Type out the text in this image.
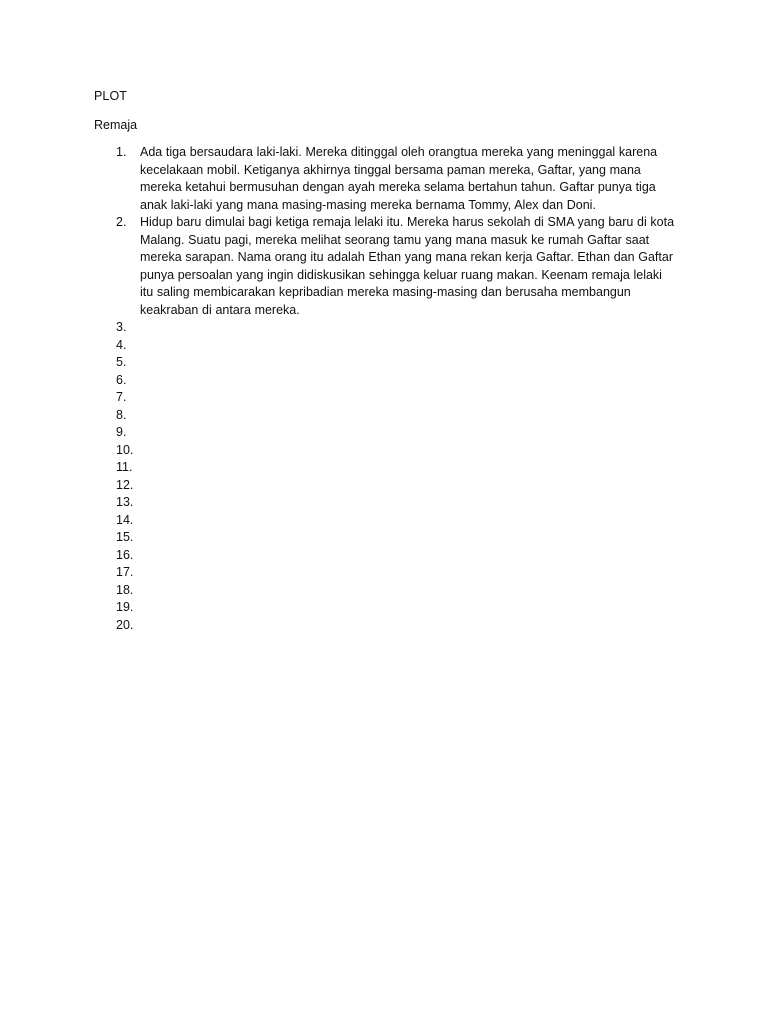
PLOT
Remaja
1.	Ada tiga bersaudara laki-laki. Mereka ditinggal oleh orangtua mereka yang meninggal karena kecelakaan mobil. Ketiganya akhirnya tinggal bersama paman mereka, Gaftar, yang mana mereka ketahui bermusuhan dengan ayah mereka selama bertahun tahun. Gaftar punya tiga anak laki-laki yang mana masing-masing mereka bernama Tommy, Alex dan Doni.
2.	Hidup baru dimulai bagi ketiga remaja lelaki itu. Mereka harus sekolah di SMA yang baru di kota Malang. Suatu pagi, mereka melihat seorang tamu yang mana masuk ke rumah Gaftar saat mereka sarapan. Nama orang itu adalah Ethan yang mana rekan kerja Gaftar. Ethan dan Gaftar punya persoalan yang ingin didiskusikan sehingga keluar ruang makan. Keenam remaja lelaki itu saling membicarakan kepribadian mereka masing-masing dan berusaha membangun keakraban di antara mereka.
3.
4.
5.
6.
7.
8.
9.
10.
11.
12.
13.
14.
15.
16.
17.
18.
19.
20.
